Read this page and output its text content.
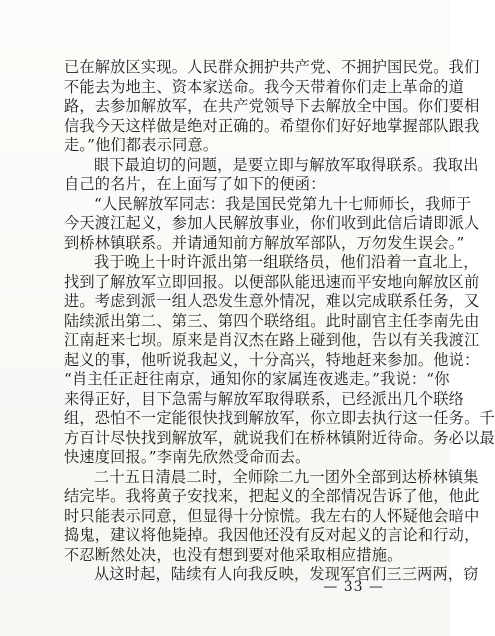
已在解放区实现。人民群众拥护共产党、不拥护国民党。我们
不能去为地主、资本家送命。我今天带着你们走上革命的道
路，去参加解放军，在共产党领导下去解放全中国。你们要相
信我今天这样做是绝对正确的。希望你们好好地掌握部队跟我
走。”他们都表示同意。
眼下最迫切的问题，是要立即与解放军取得联系。我取出
自己的名片，在上面写了如下的便函：
“人民解放军同志：我是国民党第九十七师师长，我师于
今天渡江起义，参加人民解放事业，你们收到此信后请即派人
到桥林镇联系。并请通知前方解放军部队，万勿发生误会。”
我于晚上十时许派出第一组联络员，他们沿着一直北上，
找到了解放军立即回报。以便部队能迅速而平安地向解放区前
进。考虑到派一组人恐发生意外情况，难以完成联系任务，又
陆续派出第二、第三、第四个联络组。此时副官主任李南先由
江南赶来七坝。原来是肖汉杰在路上碰到他，告以有关我渡江
起义的事，他听说我起义，十分高兴，特地赶来参加。他说：
“肖主任正赶往南京，通知你的家属连夜逃走。”我说：“你
来得正好，目下急需与解放军取得联系，已经派出几个联络
组，恐怕不一定能很快找到解放军，你立即去执行这一任务。千
方百计尽快找到解放军，就说我们在桥林镇附近待命。务必以最
快速度回报。”李南先欣然受命而去。
二十五日清晨二时，全师除二九一团外全部到达桥林镇集
结完毕。我将黄子安找来，把起义的全部情况告诉了他，他此
时只能表示同意，但显得十分惊慌。我左右的人怀疑他会暗中
捣鬼，建议将他毙掉。我因他还没有反对起义的言论和行动，
不忍断然处决，也没有想到要对他采取相应措施。
从这时起，陆续有人向我反映，发现军官们三三两两，窃
— 33 —
